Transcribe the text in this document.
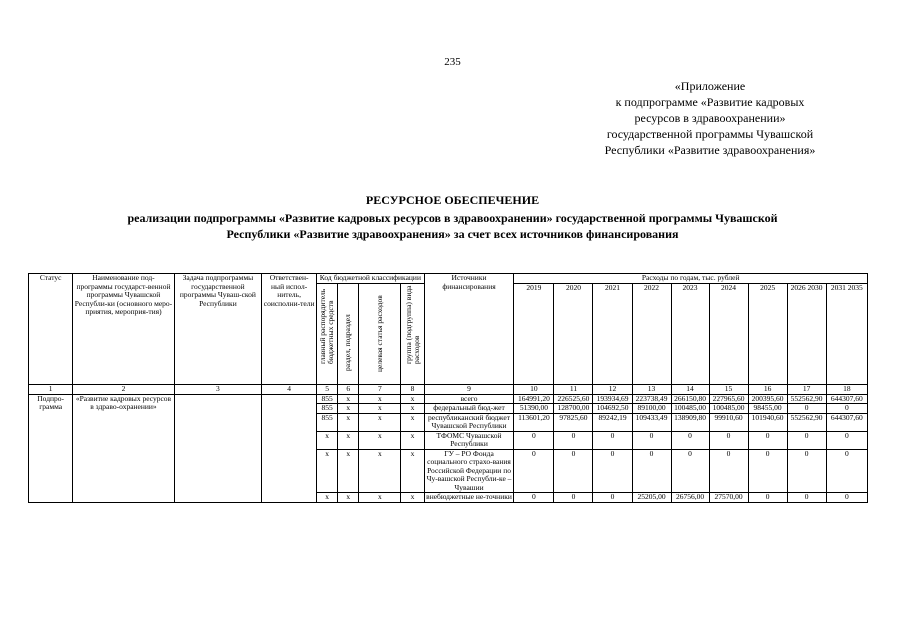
235
«Приложение
к подпрограмме «Развитие кадровых
ресурсов в здравоохранении»
государственной программы Чувашской
Республики «Развитие здравоохранения»
РЕСУРСНОЕ ОБЕСПЕЧЕНИЕ
реализации подпрограммы «Развитие кадровых ресурсов в здравоохранении» государственной программы Чувашской
Республики «Развитие здравоохранения» за счет всех источников финансирования
Статус	Наименование под-программы государст-венной программы Чувашской Республи-ки (основного меро-приятия, мероприя-тия)	Задача подпрограммы государственной программы Чуваш-ской Республики	Ответствен-ный испол-нитель, соисполни-тели	Код бюджетной классификации				Источники финансирования	Расходы по годам, тыс. рублей								

				главный распорядитель бюджетных средств	раздел, подраздел	целевая статья расходов	группа (подгруппа) вида расходов		2019	2020	2021	2022	2023	2024	2025	2026 2030	2031 2035

1	2	3	4	5	6	7	8	9	10	11	12	13	14	15	16	17	18
Подпро-грамма	«Развитие кадровых ресурсов в здраво-охранении»			855	х	х	х	всего	164991,20	226525,60	193934,69	223738,49	266150,80	227965,60	200395,60	552562,90	644307,60
				855	х	х	х	федеральный бюд-жет	51390,00	128700,00	104692,50	89100,00	100485,00	100485,00	98455,00	0	0
				855	х	х	х	республиканский бюджет Чувашской Республики	113601,20	97825,60	89242,19	109433,49	138909,80	99910,60	101940,60	552562,90	644307,60
				х	х	х	х	ТФОМС Чувашской Республики	0	0	0	0	0	0	0	0	0
				х	х	х	х	ГУ – РО Фонда социального страхо-вания Российской Федерации по Чу-вашской Республи-ке – Чувашии	0	0	0	0	0	0	0	0	0
				х	х	х	х	внебюджетные не-точники	0	0	0	25205,00	26756,00	27570,00	0	0	0
